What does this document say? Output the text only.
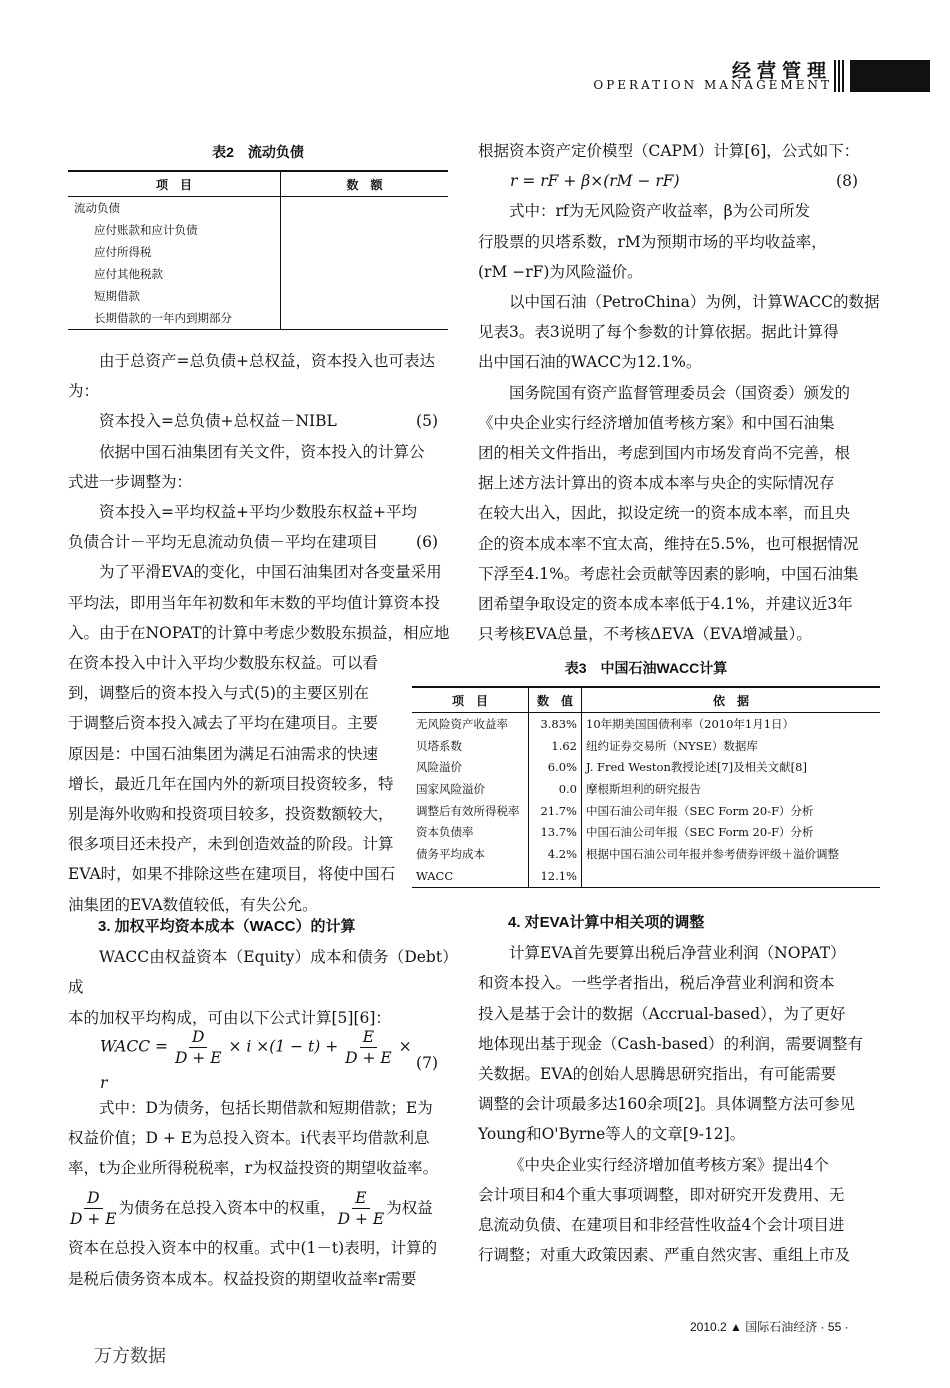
经营管理
OPERATION MANAGEMENT
表2　流动负债
项　目	数　额
流动负债	
应付账款和应计负债	
应付所得税	
应付其他税款	
短期借款	
长期借款的一年内到期部分	

由于总资产=总负债+总权益，资本投入也可表达

为：

资本投入=总负债+总权益－NIBL	(5)

依据中国石油集团有关文件，资本投入的计算公

式进一步调整为：

资本投入=平均权益+平均少数股东权益+平均

负债合计－平均无息流动负债－平均在建项目 (6)

为了平滑EVA的变化，中国石油集团对各变量采用

平均法，即用当年年初数和年末数的平均值计算资本投

入。由于在NOPAT的计算中考虑少数股东损益，相应地

在资本投入中计入平均少数股东权益。可以看

到，调整后的资本投入与式(5)的主要区别在

于调整后资本投入减去了平均在建项目。主要

原因是：中国石油集团为满足石油需求的快速

增长，最近几年在国内外的新项目投资较多，特

别是海外收购和投资项目较多，投资数额较大，

很多项目还未投产，未到创造效益的阶段。计算

EVA时，如果不排除这些在建项目，将使中国石

油集团的EVA数值较低，有失公允。

3. 加权平均资本成本（WACC）的计算

WACC由权益资本（Equity）成本和债务（Debt）成

本的加权平均构成，可由以下公式计算[5][6]：

WACC = $\frac{D}{D + E} \times i \times(1 - t) + \frac{E}{D + E} \times r$
(7)

式中：D为债务，包括长期借款和短期借款；E为

权益价值；D + E为总投入资本。i代表平均借款利息

率，t为企业所得税税率，r为权益投资的期望收益率。

$\frac{D}{D + E}$ 为债务在总投入资本中的权重， $\frac{E}{D + E}$ 为权益

资本在总投入资本中的权重。式中(1－t)表明，计算的

是税后债务资本成本。权益投资的期望收益率r需要

根据资本资产定价模型（CAPM）计算[6]，公式如下：

r = rF + β×(rM − rF)	(8)

式中：rf为无风险资产收益率，β为公司所发

行股票的贝塔系数，rM为预期市场的平均收益率，

(rM −rF)为风险溢价。

以中国石油（PetroChina）为例，计算WACC的数据

见表3。表3说明了每个参数的计算依据。据此计算得

出中国石油的WACC为12.1%。

国务院国有资产监督管理委员会（国资委）颁发的

《中央企业实行经济增加值考核方案》和中国石油集

团的相关文件指出，考虑到国内市场发育尚不完善，根

据上述方法计算出的资本成本率与央企的实际情况存

在较大出入，因此，拟设定统一的资本成本率，而且央

企的资本成本率不宜太高，维持在5.5%，也可根据情况

下浮至4.1%。考虑社会贡献等因素的影响，中国石油集

团希望争取设定的资本成本率低于4.1%，并建议近3年

只考核EVA总量，不考核ΔEVA（EVA增减量）。

表3　中国石油WACC计算
项　目	数　值	依　据
无风险资产收益率	3.83%	10年期美国国债利率（2010年1月1日）
贝塔系数	1.62	纽约证券交易所（NYSE）数据库
风险溢价	6.0%	J. Fred Weston教授论述[7]及相关文献[8]
国家风险溢价	0.0	摩根斯坦利的研究报告
调整后有效所得税率	21.7%	中国石油公司年报（SEC Form 20-F）分析
资本负债率	13.7%	中国石油公司年报（SEC Form 20-F）分析
债务平均成本	4.2%	根据中国石油公司年报并参考债券评级＋溢价调整
WACC	12.1%	

4. 对EVA计算中相关项的调整

计算EVA首先要算出税后净营业利润（NOPAT）

和资本投入。一些学者指出，税后净营业利润和资本

投入是基于会计的数据（Accrual-based），为了更好

地体现出基于现金（Cash-based）的利润，需要调整有

关数据。EVA的创始人思腾思研究指出，有可能需要

调整的会计项最多达160余项[2]。具体调整方法可参见

Young和O'Byrne等人的文章[9-12]。

《中央企业实行经济增加值考核方案》提出4个

会计项目和4个重大事项调整，即对研究开发费用、无

息流动负债、在建项目和非经营性收益4个会计项目进

行调整；对重大政策因素、严重自然灾害、重组上市及

2010.2 ▲ 国际石油经济 · 55 ·
万方数据
